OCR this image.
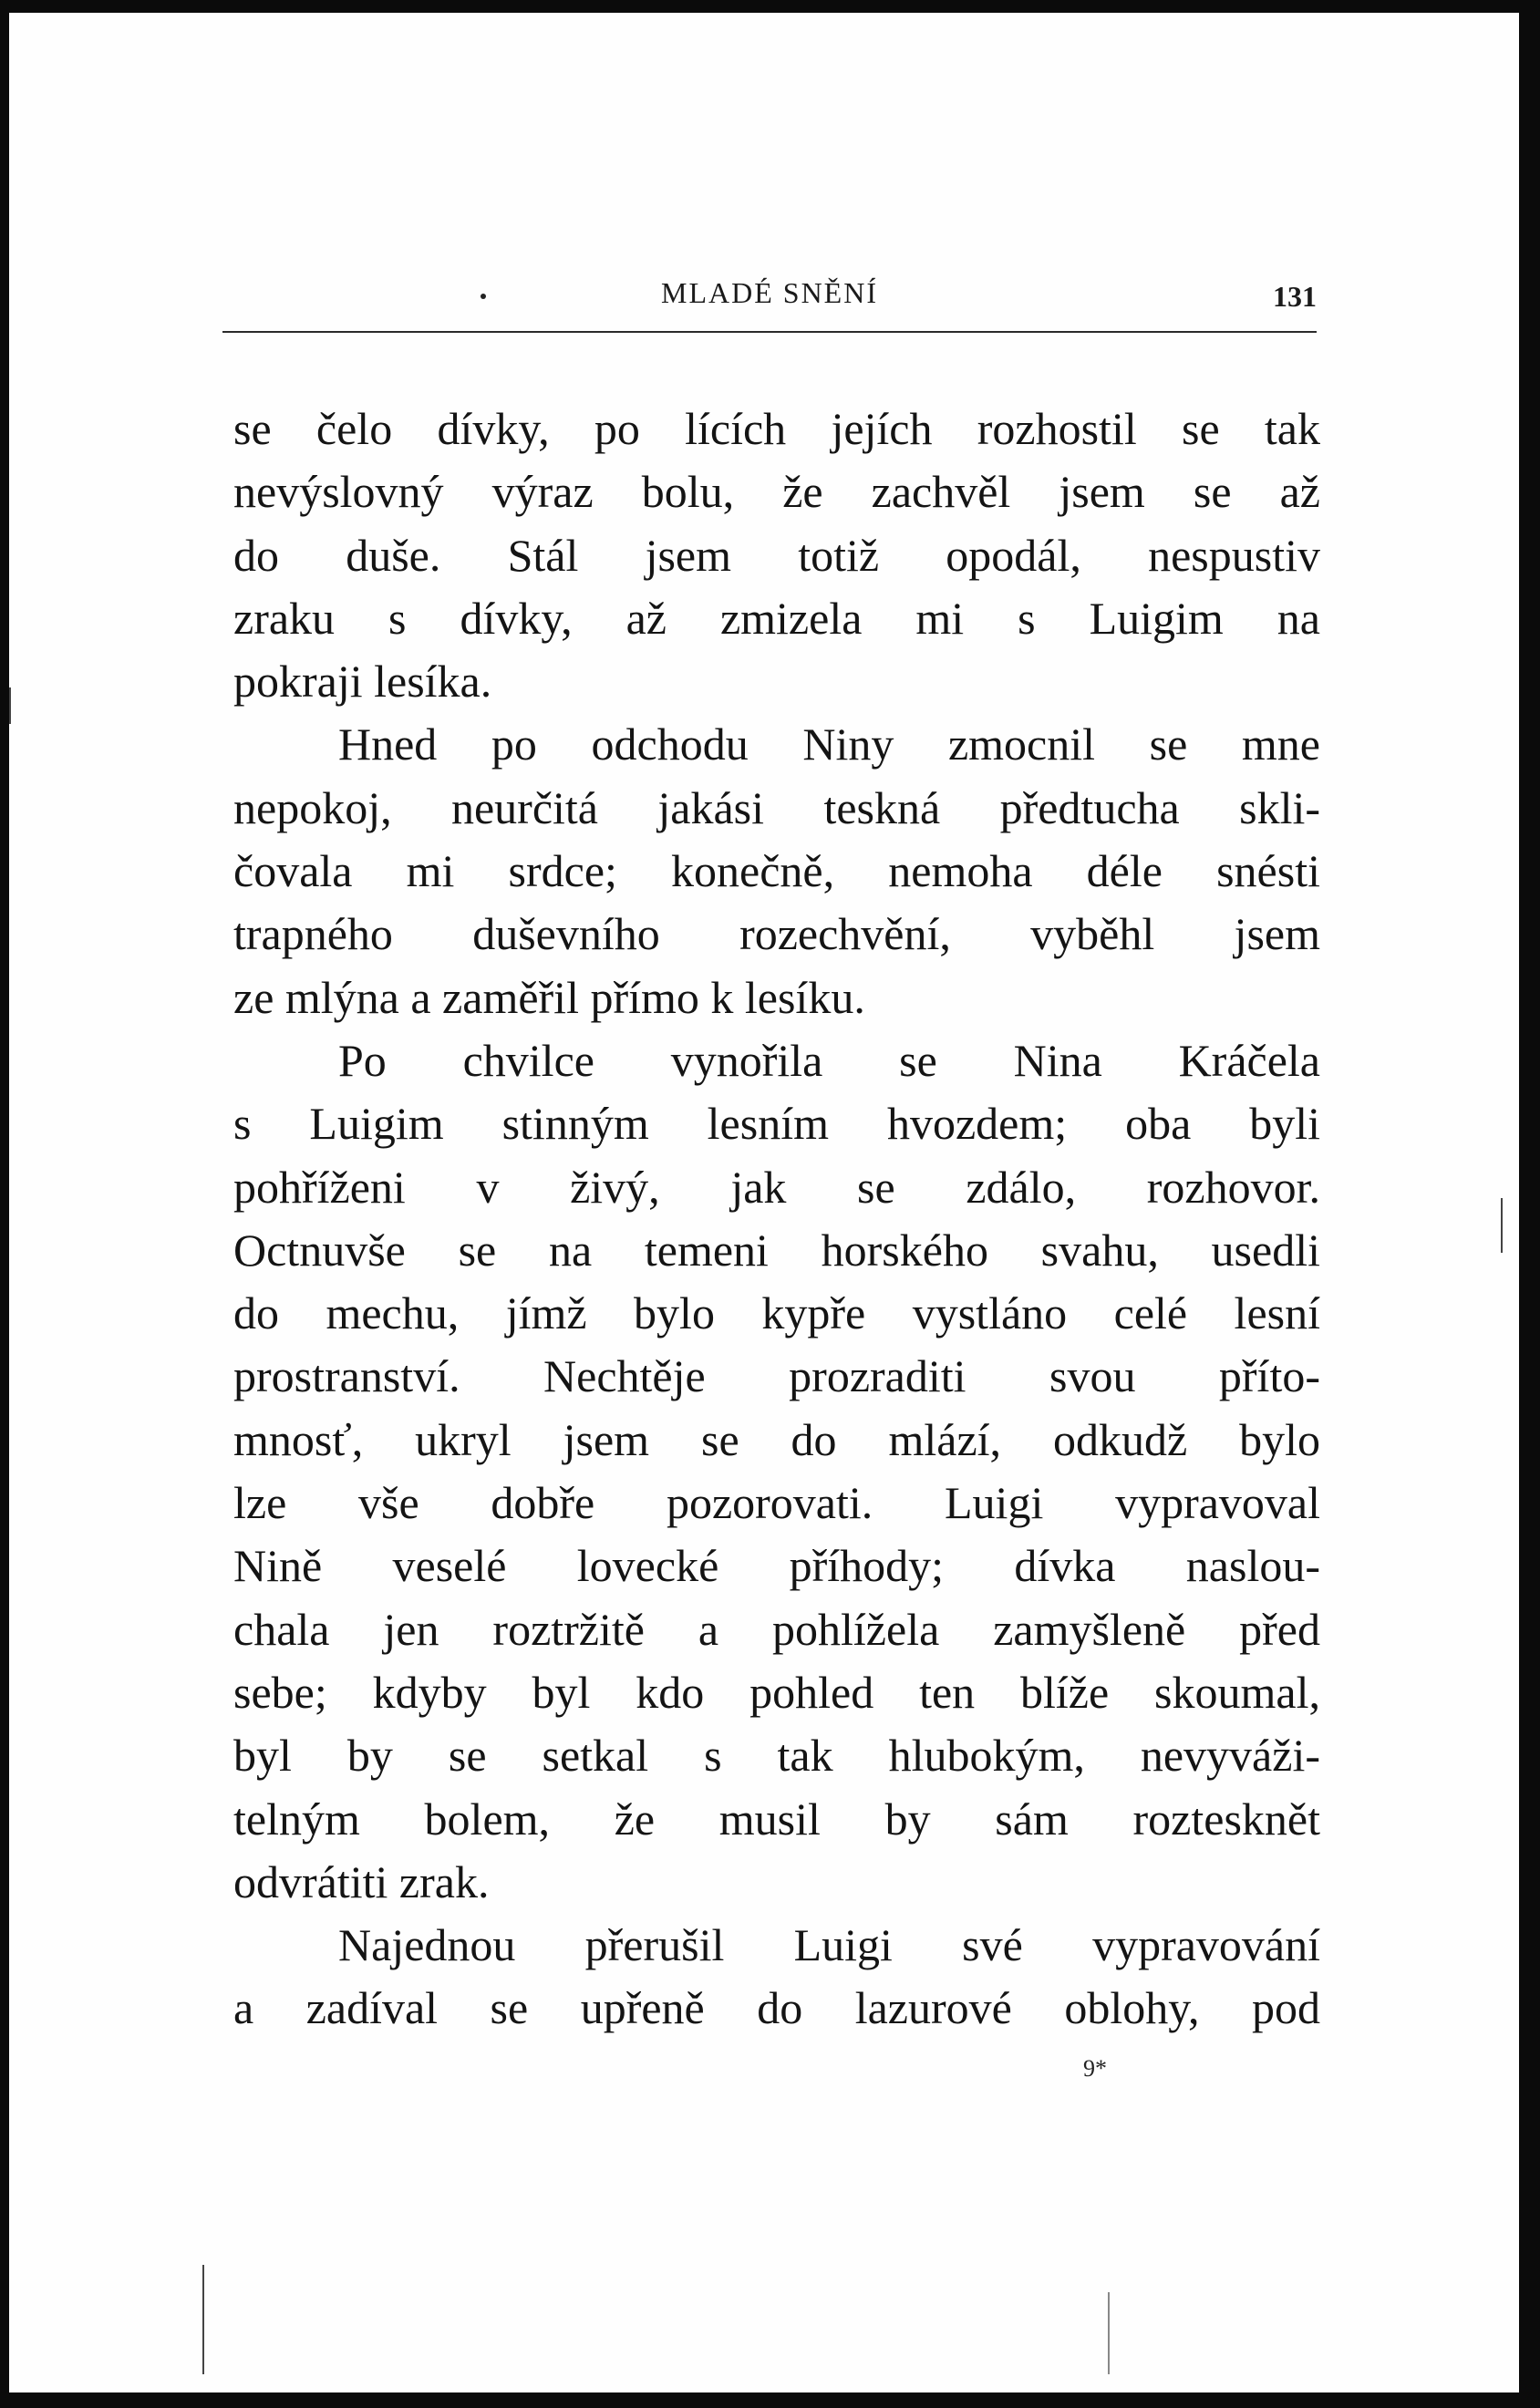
MLADÉ SNĚNÍ	131
se čelo dívky, po lících jejích rozhostil se tak
nevýslovný výraz bolu, že zachvěl jsem se až
do duše. Stál jsem totiž opodál, nespustiv
zraku s dívky, až zmizela mi s Luigim na
pokraji lesíka.
Hned po odchodu Niny zmocnil se mne
nepokoj, neurčitá jakási teskná předtucha skli-
čovala mi srdce; konečně, nemoha déle snésti
trapného duševního rozechvění, vyběhl jsem
ze mlýna a zaměřil přímo k lesíku.
Po chvilce vynořila se Nina Kráčela
s Luigim stinným lesním hvozdem; oba byli
pohříženi v živý, jak se zdálo, rozhovor.
Octnuvše se na temeni horského svahu, usedli
do mechu, jímž bylo kypře vystláno celé lesní
prostranství. Nechtěje prozraditi svou příto-
mnosť, ukryl jsem se do mlází, odkudž bylo
lze vše dobře pozorovati. Luigi vypravoval
Nině veselé lovecké příhody; dívka naslou-
chala jen roztržitě a pohlížela zamyšleně před
sebe; kdyby byl kdo pohled ten blíže skoumal,
byl by se setkal s tak hlubokým, nevyváži-
telným bolem, že musil by sám roztesknět
odvrátiti zrak.
Najednou přerušil Luigi své vypravování
a zadíval se upřeně do lazurové oblohy, pod
9*
